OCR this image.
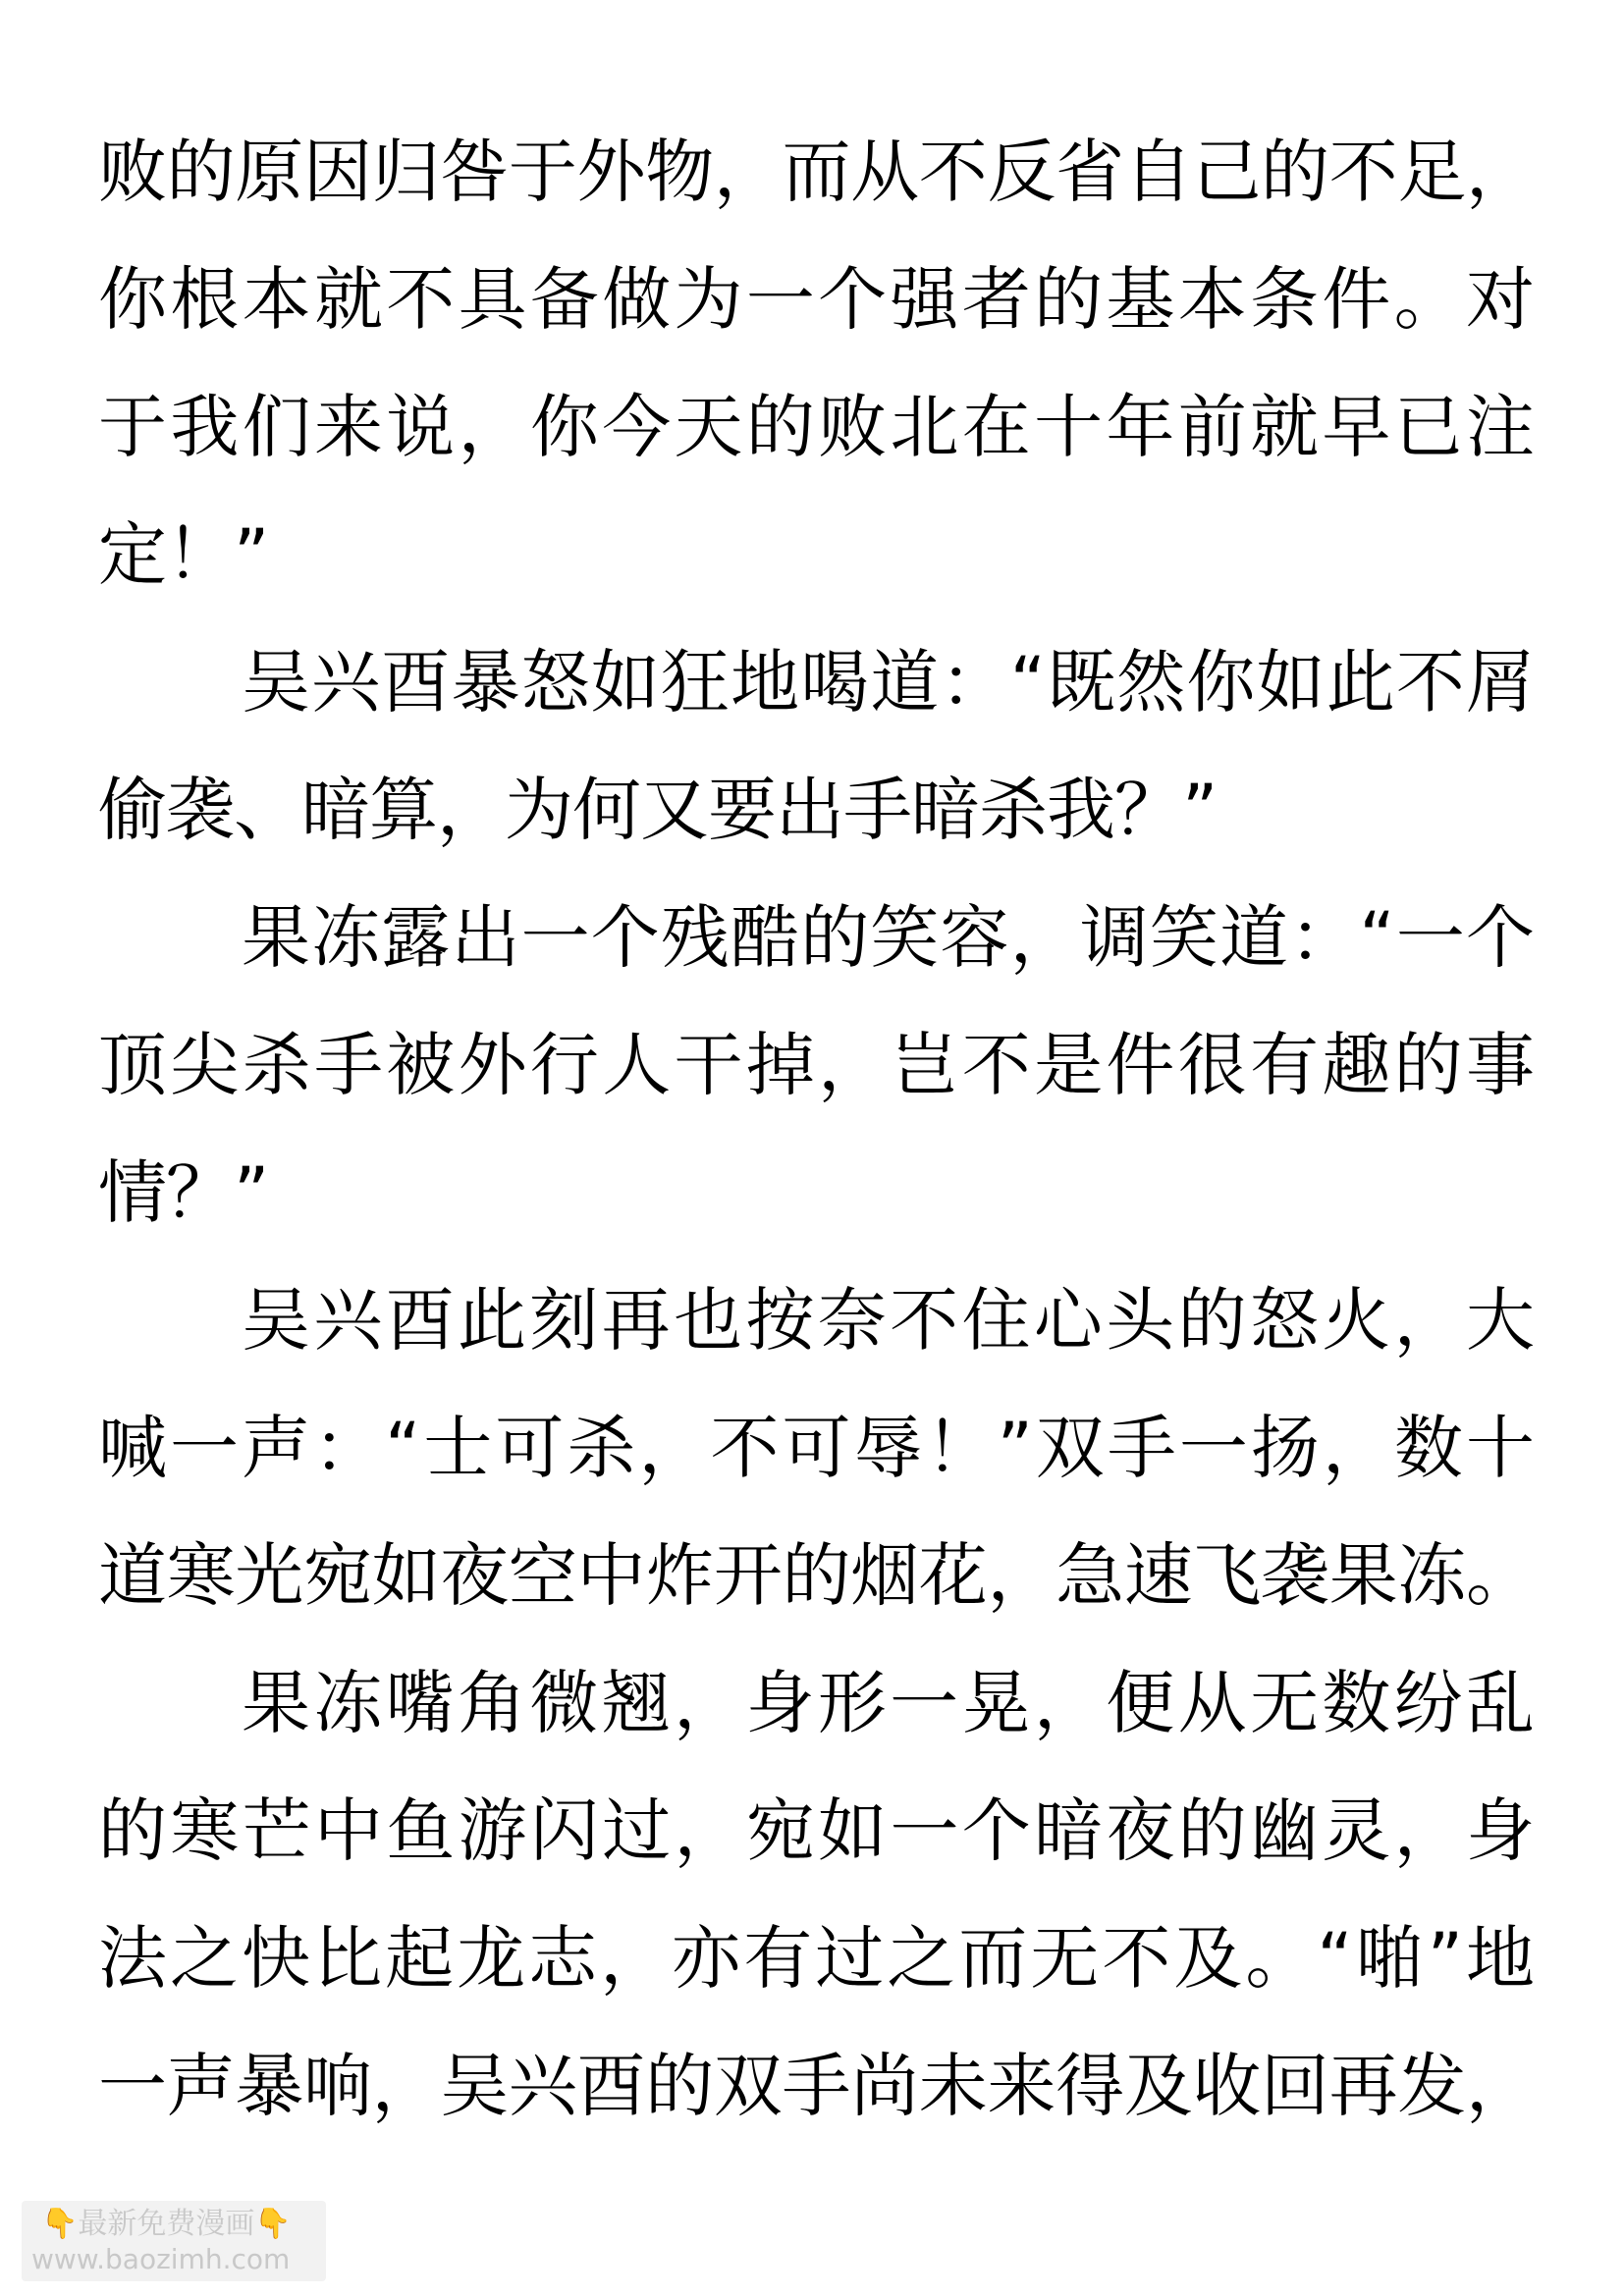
败的原因归咎于外物，而从不反省自己的不足，
你根本就不具备做为一个强者的基本条件。对
于我们来说，你今天的败北在十年前就早已注
定！”
吴兴酉暴怒如狂地喝道：“既然你如此不屑
偷袭、暗算，为何又要出手暗杀我？”
果冻露出一个残酷的笑容，调笑道：“一个
顶尖杀手被外行人干掉，岂不是件很有趣的事
情？”
吴兴酉此刻再也按奈不住心头的怒火，大
喊一声：“士可杀，不可辱！”双手一扬，数十
道寒光宛如夜空中炸开的烟花，急速飞袭果冻。
果冻嘴角微翘，身形一晃，便从无数纷乱
的寒芒中鱼游闪过，宛如一个暗夜的幽灵，身
法之快比起龙志，亦有过之而无不及。“啪”地
一声暴响，吴兴酉的双手尚未来得及收回再发，
👇最新免费漫画👇
www.baozimh.com
